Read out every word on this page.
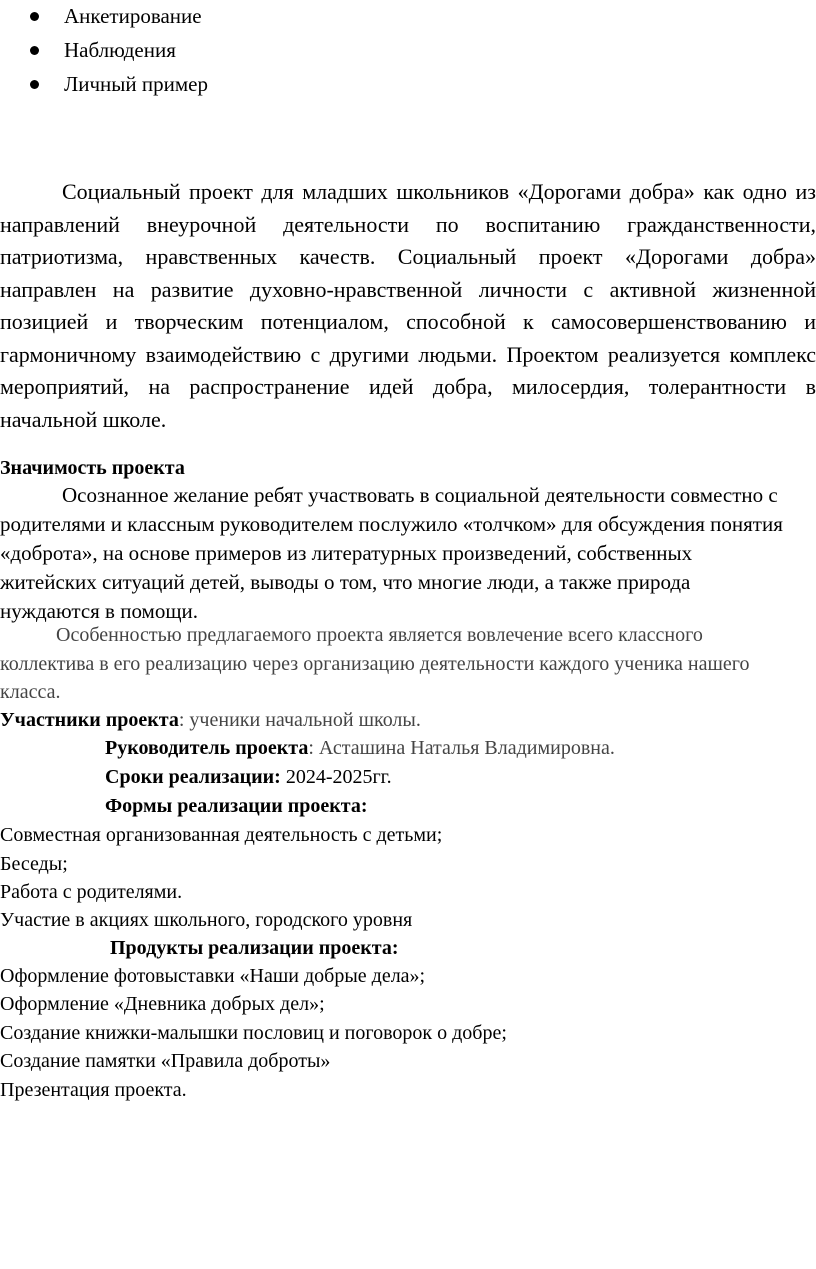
Анкетирование
Наблюдения
Личный пример

Социальный проект для младших школьников «Дорогами добра» как одно из направлений внеурочной деятельности по воспитанию гражданственности, патриотизма, нравственных качеств. Социальный проект «Дорогами добра» направлен на развитие духовно-нравственной личности с активной жизненной позицией и творческим потенциалом, способной к самосовершенствованию и гармоничному взаимодействию с другими людьми. Проектом реализуется комплекс мероприятий, на распространение идей добра, милосердия, толерантности в начальной школе.

Значимость проекта

Осознанное желание ребят участвовать в социальной деятельности совместно с родителями и классным руководителем послужило «толчком» для обсуждения понятия «доброта», на основе примеров из литературных произведений, собственных житейских ситуаций детей, выводы о том, что многие люди, а также природа нуждаются в помощи.

Особенностью предлагаемого проекта является вовлечение всего классного коллектива в его реализацию через организацию деятельности каждого ученика нашего класса.

Участники проекта: ученики начальной школы.

Руководитель проекта: Асташина Наталья Владимировна.

Сроки реализации: 2024-2025гг.

Формы реализации проекта:

Совместная организованная деятельность с детьми;

Беседы;

Работа с родителями.

Участие в акциях школьного, городского уровня

Продукты реализации проекта:

Оформление фотовыставки «Наши добрые дела»;

Оформление «Дневника добрых дел»;

Создание книжки-малышки пословиц и поговорок о добре;

Создание памятки «Правила доброты»

Презентация проекта.
